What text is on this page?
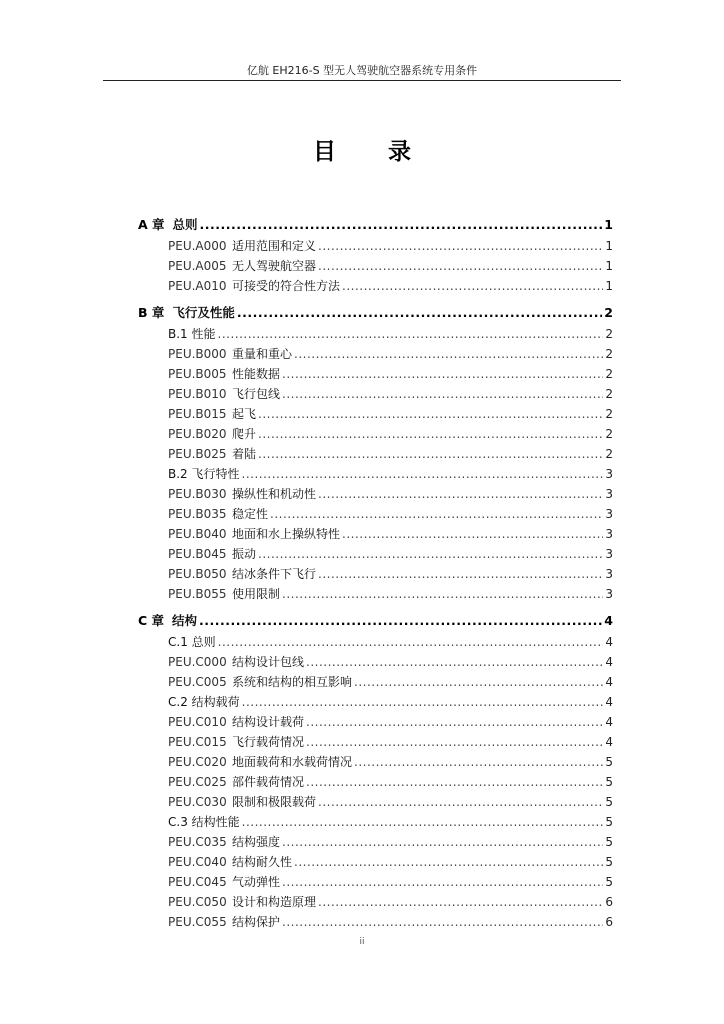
亿航 EH216-S 型无人驾驶航空器系统专用条件
目 录
A 章 总则 .....	1
PEU.A000 适用范围和定义 .....	1
PEU.A005 无人驾驶航空器 .....	1
PEU.A010 可接受的符合性方法 .....	1
B 章 飞行及性能 .....	2
B.1 性能 .....	2
PEU.B000 重量和重心 .....	2
PEU.B005 性能数据 .....	2
PEU.B010 飞行包线 .....	2
PEU.B015 起飞 .....	2
PEU.B020 爬升 .....	2
PEU.B025 着陆 .....	2
B.2 飞行特性 .....	3
PEU.B030 操纵性和机动性 .....	3
PEU.B035 稳定性 .....	3
PEU.B040 地面和水上操纵特性 .....	3
PEU.B045 振动 .....	3
PEU.B050 结冰条件下飞行 .....	3
PEU.B055 使用限制 .....	3
C 章 结构 .....	4
C.1 总则 .....	4
PEU.C000 结构设计包线 .....	4
PEU.C005 系统和结构的相互影响 .....	4
C.2 结构载荷 .....	4
PEU.C010 结构设计载荷 .....	4
PEU.C015 飞行载荷情况 .....	4
PEU.C020 地面载荷和水载荷情况 .....	5
PEU.C025 部件载荷情况 .....	5
PEU.C030 限制和极限载荷 .....	5
C.3 结构性能 .....	5
PEU.C035 结构强度 .....	5
PEU.C040 结构耐久性 .....	5
PEU.C045 气动弹性 .....	5
PEU.C050 设计和构造原理 .....	6
PEU.C055 结构保护 .....	6
ii
